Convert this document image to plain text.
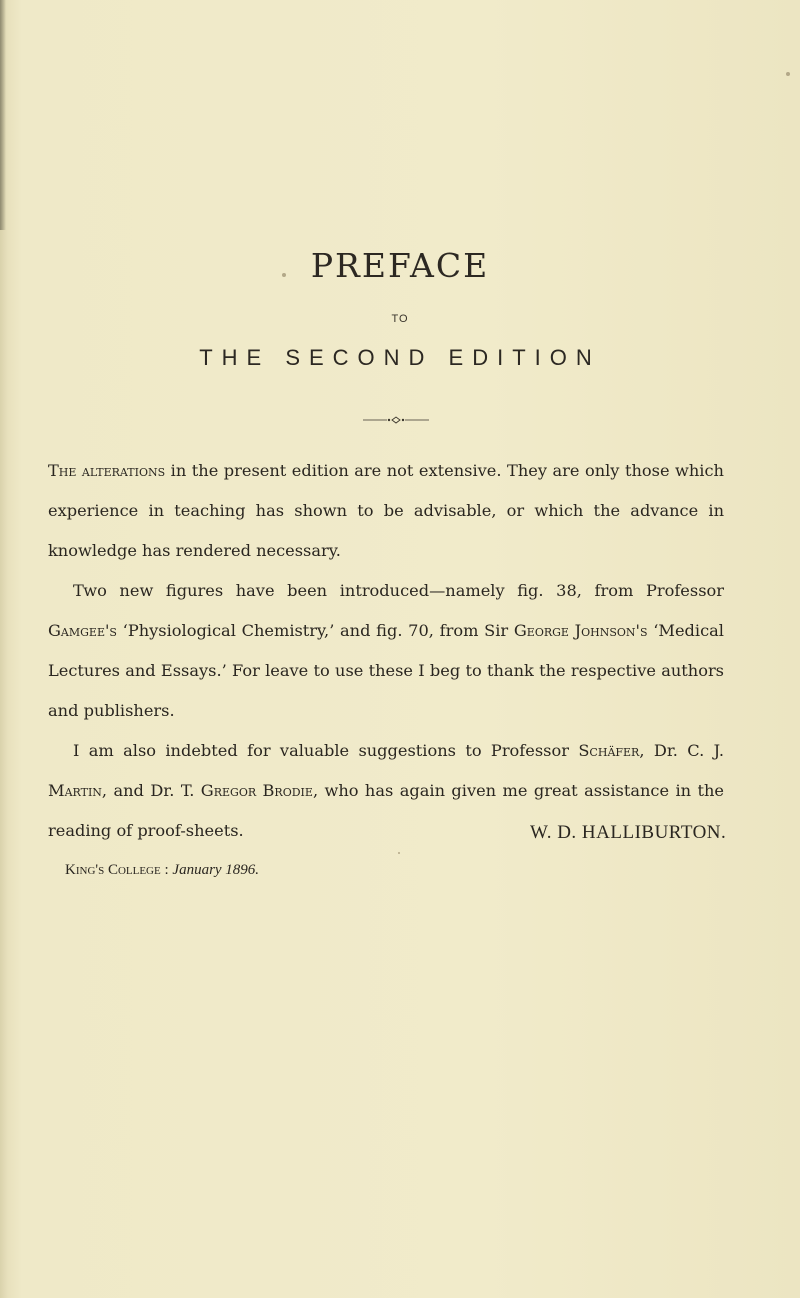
PREFACE
TO
THE SECOND EDITION

The alterations in the present edition are not extensive. They are only those which experience in teaching has shown to be advisable, or which the advance in knowledge has rendered necessary.

Two new figures have been introduced—namely fig. 38, from Professor Gamgee's ‘Physiological Chemistry,’ and fig. 70, from Sir George Johnson's ‘Medical Lectures and Essays.’ For leave to use these I beg to thank the respective authors and publishers.

I am also indebted for valuable suggestions to Professor Schäfer, Dr. C. J. Martin, and Dr. T. Gregor Brodie, who has again given me great assistance in the reading of proof-sheets.	W. D. HALLIBURTON.
King's College : January 1896.
